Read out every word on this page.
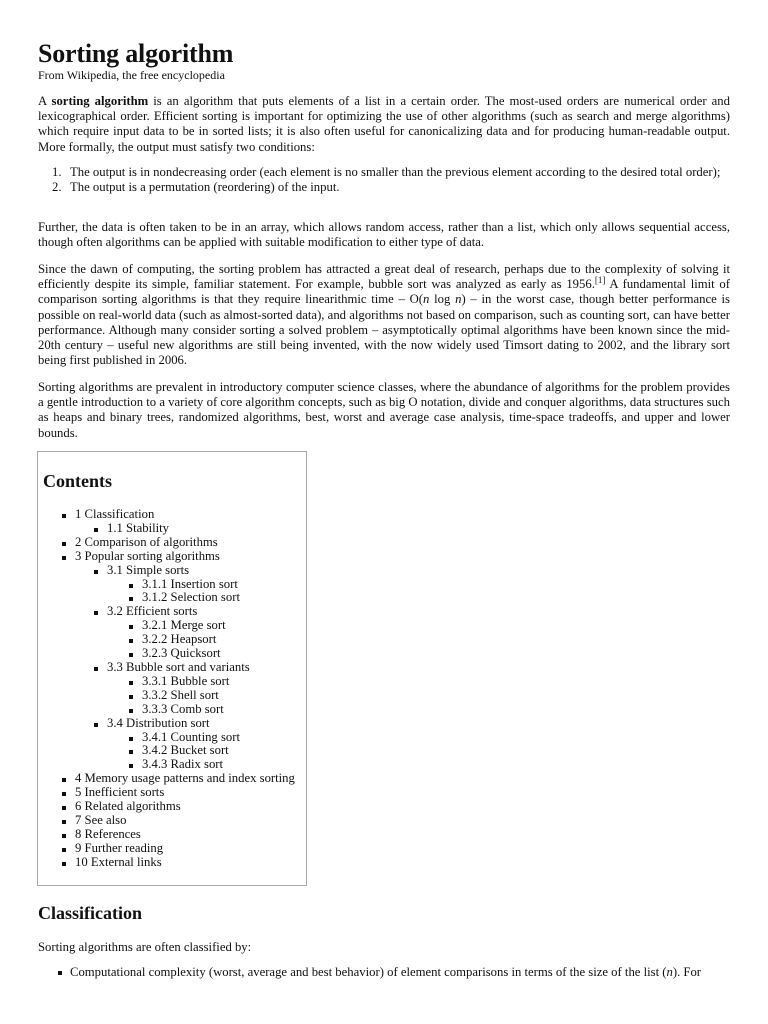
Sorting algorithm
From Wikipedia, the free encyclopedia

A sorting algorithm is an algorithm that puts elements of a list in a certain order. The most-used orders are numerical order and lexicographical order. Efficient sorting is important for optimizing the use of other algorithms (such as search and merge algorithms) which require input data to be in sorted lists; it is also often useful for canonicalizing data and for producing human-readable output. More formally, the output must satisfy two conditions:

1. The output is in nondecreasing order (each element is no smaller than the previous element according to the desired total order);
2. The output is a permutation (reordering) of the input.

Further, the data is often taken to be in an array, which allows random access, rather than a list, which only allows sequential access, though often algorithms can be applied with suitable modification to either type of data.

Since the dawn of computing, the sorting problem has attracted a great deal of research, perhaps due to the complexity of solving it efficiently despite its simple, familiar statement. For example, bubble sort was analyzed as early as 1956.[1] A fundamental limit of comparison sorting algorithms is that they require linearithmic time – O(n log n) – in the worst case, though better performance is possible on real-world data (such as almost-sorted data), and algorithms not based on comparison, such as counting sort, can have better performance. Although many consider sorting a solved problem – asymptotically optimal algorithms have been known since the mid-20th century – useful new algorithms are still being invented, with the now widely used Timsort dating to 2002, and the library sort being first published in 2006.

Sorting algorithms are prevalent in introductory computer science classes, where the abundance of algorithms for the problem provides a gentle introduction to a variety of core algorithm concepts, such as big O notation, divide and conquer algorithms, data structures such as heaps and binary trees, randomized algorithms, best, worst and average case analysis, time-space tradeoffs, and upper and lower bounds.

Contents
1 Classification
1.1 Stability
2 Comparison of algorithms
3 Popular sorting algorithms
3.1 Simple sorts
3.1.1 Insertion sort
3.1.2 Selection sort
3.2 Efficient sorts
3.2.1 Merge sort
3.2.2 Heapsort
3.2.3 Quicksort
3.3 Bubble sort and variants
3.3.1 Bubble sort
3.3.2 Shell sort
3.3.3 Comb sort
3.4 Distribution sort
3.4.1 Counting sort
3.4.2 Bucket sort
3.4.3 Radix sort
4 Memory usage patterns and index sorting
5 Inefficient sorts
6 Related algorithms
7 See also
8 References
9 Further reading
10 External links
Classification

Sorting algorithms are often classified by:

Computational complexity (worst, average and best behavior) of element comparisons in terms of the size of the list (n). For
